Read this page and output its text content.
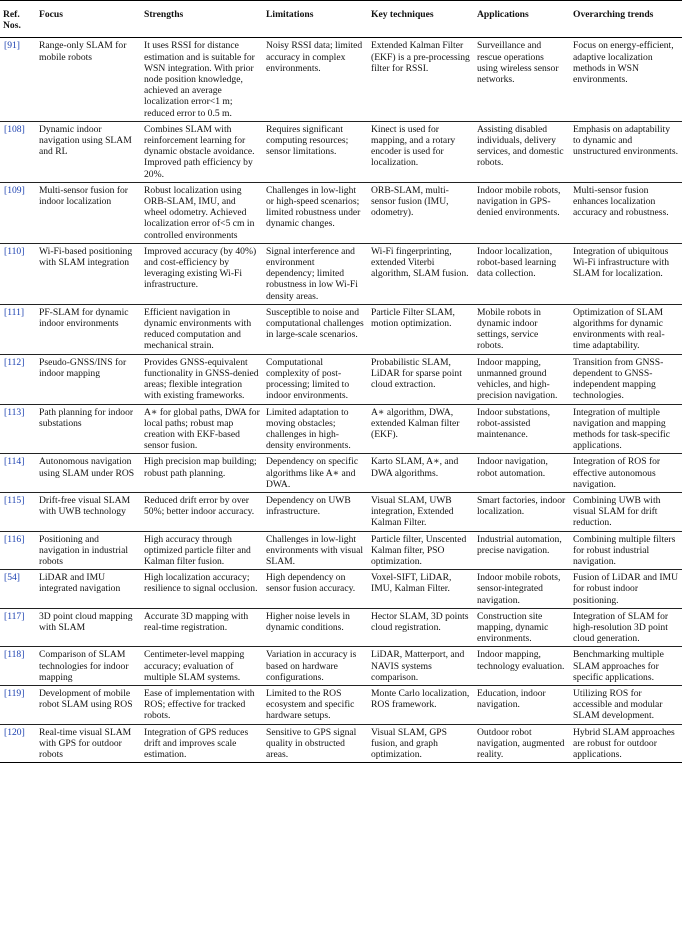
Ref. Nos.	Focus	Strengths	Limitations	Key techniques	Applications	Overarching trends
[91]	Range-only SLAM for mobile robots	It uses RSSI for distance estimation and is suitable for WSN integration. With prior node position knowledge, achieved an average localization error<1 m; reduced error to 0.5 m.	Noisy RSSI data; limited accuracy in complex environments.	Extended Kalman Filter (EKF) is a pre-processing filter for RSSI.	Surveillance and rescue operations using wireless sensor networks.	Focus on energy-efficient, adaptive localization methods in WSN environments.
[108]	Dynamic indoor navigation using SLAM and RL	Combines SLAM with reinforcement learning for dynamic obstacle avoidance. Improved path efficiency by 20%.	Requires significant computing resources; sensor limitations.	Kinect is used for mapping, and a rotary encoder is used for localization.	Assisting disabled individuals, delivery services, and domestic robots.	Emphasis on adaptability to dynamic and unstructured environments.
[109]	Multi-sensor fusion for indoor localization	Robust localization using ORB-SLAM, IMU, and wheel odometry. Achieved localization error of<5 cm in controlled environments	Challenges in low-light or high-speed scenarios; limited robustness under dynamic changes.	ORB-SLAM, multi-sensor fusion (IMU, odometry).	Indoor mobile robots, navigation in GPS-denied environments.	Multi-sensor fusion enhances localization accuracy and robustness.
[110]	Wi-Fi-based positioning with SLAM integration	Improved accuracy (by 40%) and cost-efficiency by leveraging existing Wi-Fi infrastructure.	Signal interference and environment dependency; limited robustness in low Wi-Fi density areas.	Wi-Fi fingerprinting, extended Viterbi algorithm, SLAM fusion.	Indoor localization, robot-based learning data collection.	Integration of ubiquitous Wi-Fi infrastructure with SLAM for localization.
[111]	PF-SLAM for dynamic indoor environments	Efficient navigation in dynamic environments with reduced computation and mechanical strain.	Susceptible to noise and computational challenges in large-scale scenarios.	Particle Filter SLAM, motion optimization.	Mobile robots in dynamic indoor settings, service robots.	Optimization of SLAM algorithms for dynamic environments with real-time adaptability.
[112]	Pseudo-GNSS/INS for indoor mapping	Provides GNSS-equivalent functionality in GNSS-denied areas; flexible integration with existing frameworks.	Computational complexity of post-processing; limited to indoor environments.	Probabilistic SLAM, LiDAR for sparse point cloud extraction.	Indoor mapping, unmanned ground vehicles, and high-precision navigation.	Transition from GNSS-dependent to GNSS-independent mapping technologies.
[113]	Path planning for indoor substations	A∗ for global paths, DWA for local paths; robust map creation with EKF-based sensor fusion.	Limited adaptation to moving obstacles; challenges in high-density environments.	A∗ algorithm, DWA, extended Kalman filter (EKF).	Indoor substations, robot-assisted maintenance.	Integration of multiple navigation and mapping methods for task-specific applications.
[114]	Autonomous navigation using SLAM under ROS	High precision map building; robust path planning.	Dependency on specific algorithms like A∗ and DWA.	Karto SLAM, A∗, and DWA algorithms.	Indoor navigation, robot automation.	Integration of ROS for effective autonomous navigation.
[115]	Drift-free visual SLAM with UWB technology	Reduced drift error by over 50%; better indoor accuracy.	Dependency on UWB infrastructure.	Visual SLAM, UWB integration, Extended Kalman Filter.	Smart factories, indoor localization.	Combining UWB with visual SLAM for drift reduction.
[116]	Positioning and navigation in industrial robots	High accuracy through optimized particle filter and Kalman filter fusion.	Challenges in low-light environments with visual SLAM.	Particle filter, Unscented Kalman filter, PSO optimization.	Industrial automation, precise navigation.	Combining multiple filters for robust industrial navigation.
[54]	LiDAR and IMU integrated navigation	High localization accuracy; resilience to signal occlusion.	High dependency on sensor fusion accuracy.	Voxel-SIFT, LiDAR, IMU, Kalman Filter.	Indoor mobile robots, sensor-integrated navigation.	Fusion of LiDAR and IMU for robust indoor positioning.
[117]	3D point cloud mapping with SLAM	Accurate 3D mapping with real-time registration.	Higher noise levels in dynamic conditions.	Hector SLAM, 3D points cloud registration.	Construction site mapping, dynamic environments.	Integration of SLAM for high-resolution 3D point cloud generation.
[118]	Comparison of SLAM technologies for indoor mapping	Centimeter-level mapping accuracy; evaluation of multiple SLAM systems.	Variation in accuracy is based on hardware configurations.	LiDAR, Matterport, and NAVIS systems comparison.	Indoor mapping, technology evaluation.	Benchmarking multiple SLAM approaches for specific applications.
[119]	Development of mobile robot SLAM using ROS	Ease of implementation with ROS; effective for tracked robots.	Limited to the ROS ecosystem and specific hardware setups.	Monte Carlo localization, ROS framework.	Education, indoor navigation.	Utilizing ROS for accessible and modular SLAM development.
[120]	Real-time visual SLAM with GPS for outdoor robots	Integration of GPS reduces drift and improves scale estimation.	Sensitive to GPS signal quality in obstructed areas.	Visual SLAM, GPS fusion, and graph optimization.	Outdoor robot navigation, augmented reality.	Hybrid SLAM approaches are robust for outdoor applications.
